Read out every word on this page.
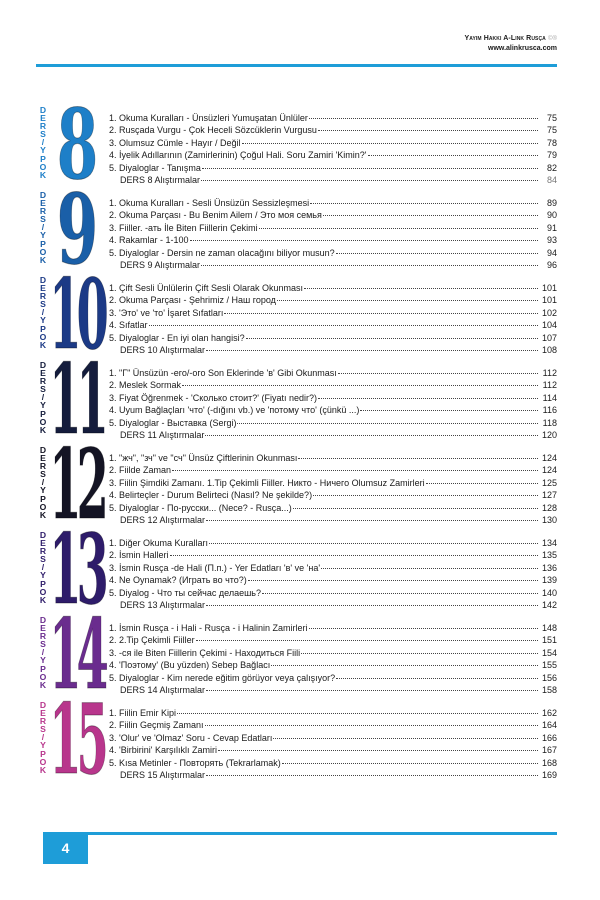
Yayım Hakkı A-Link Rusça ©®
www.alinkrusca.com
D
E
R
S
/
Y
P
O
K 8 1. Okuma Kuralları - Ünsüzleri Yumuşatan Ünlüler	75
2. Rusçada Vurgu - Çok Heceli Sözcüklerin Vurgusu	75
3. Olumsuz Cümle - Hayır / Değil	78
4. İyelik Adıllarının (Zamirlerinin) Çoğul Hali. Soru Zamiri 'Kimin?'	79
5. Diyaloglar - Tanışma	82
DERS 8 Alıştırmalar	84
D
E
R
S
/
Y
P
O
K 9 1. Okuma Kuralları - Sesli Ünsüzün Sessizleşmesi	89
2. Okuma Parçası - Bu Benim Ailem / Это моя семья	90
3. Fiiller. -ать İle Biten Fiillerin Çekimi	91
4. Rakamlar - 1-100	93
5. Diyaloglar - Dersin ne zaman olacağını biliyor musun?	94
DERS 9 Alıştırmalar	96
D
E
R
S
/
Y
P
O
K 10 1. Çift Sesli Ünlülerin Çift Sesli Olarak Okunması	101
2. Okuma Parçası - Şehrimiz / Наш город	101
3. 'Это' ve 'то' İşaret Sıfatları	102
4. Sıfatlar	104
5. Diyaloglar - En iyi olan hangisi?	107
DERS 10 Alıştırmalar	108
D
E
R
S
/
Y
P
O
K 11 1. "Г" Ünsüzün -его/-ого Son Eklerinde 'в' Gibi Okunması	112
2. Meslek Sormak	112
3. Fiyat Öğrenmek - 'Сколько стоит?' (Fiyatı nedir?)	114
4. Uyum Bağlaçları 'что' (-dığını vb.) ve 'потому что' (çünkü ...)	116
5. Diyaloglar - Выставка (Sergi)	118
DERS 11 Alıştırmalar	120
D
E
R
S
/
Y
P
O
K 12 1. "жч", "зч" ve "сч" Ünsüz Çiftlerinin Okunması	124
2. Fiilde Zaman	124
3. Fiilin Şimdiki Zamanı. 1.Tip Çekimli Fiiller. Никто - Ничего Olumsuz Zamirleri	125
4. Belirteçler - Durum Belirteci (Nasıl? Ne şekilde?)	127
5. Diyaloglar - По-русски... (Nece? - Rusça...)	128
DERS 12 Alıştırmalar	130
D
E
R
S
/
Y
P
O
K 13 1. Diğer Okuma Kuralları	134
2. İsmin Halleri	135
3. İsmin Rusça -de Hali (П.п.) - Yer Edatları 'в' ve 'на'	136
4. Ne Oynamak? (Играть во что?)	139
5. Diyalog - Что ты сейчас делаешь?	140
DERS 13 Alıştırmalar	142
D
E
R
S
/
Y
P
O
K 14 1. İsmin Rusça - i Hali - Rusça - i Halinin Zamirleri	148
2. 2.Tip Çekimli Fiiller	151
3. -ся ile Biten Fiillerin Çekimi - Находиться Fiili	154
4. 'Поэтому' (Bu yüzden) Sebep Bağlacı	155
5. Diyaloglar - Kim nerede eğitim görüyor veya çalışıyor?	156
DERS 14 Alıştırmalar	158
D
E
R
S
/
Y
P
O
K 15 1. Fiilin Emir Kipi	162
2. Fiilin Geçmiş Zamanı	164
3. 'Olur' ve 'Olmaz' Soru - Cevap Edatları	166
4. 'Birbirini' Karşılıklı Zamiri	167
5. Kısa Metinler - Повторять (Tekrarlamak)	168
DERS 15 Alıştırmalar	169
4
